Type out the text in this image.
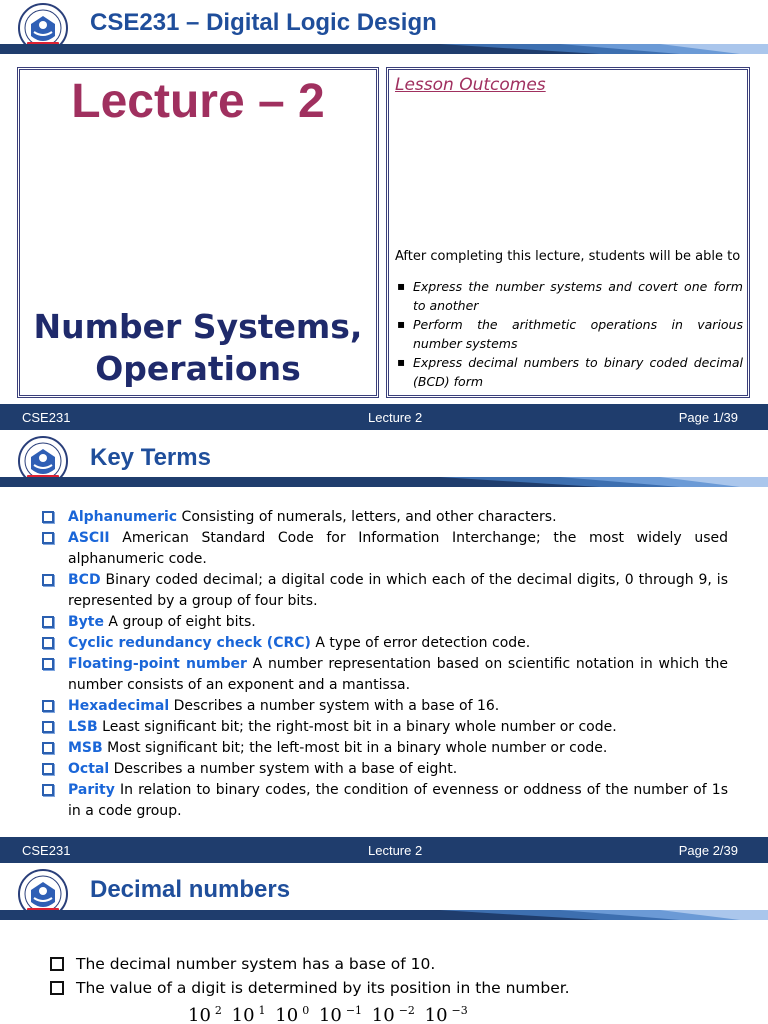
CSE231 – Digital Logic Design
Lecture – 2
Number Systems,
Operations
Lesson Outcomes
After completing this lecture, students will be able to
▪ Express the number systems and covert one form to another
▪ Perform the arithmetic operations in various number systems
▪ Express decimal numbers to binary coded decimal (BCD) form
CSE231	Lecture 2	Page 1/39
Key Terms
Alphanumeric Consisting of numerals, letters, and other characters.
ASCII American Standard Code for Information Interchange; the most widely used alphanumeric code.
BCD Binary coded decimal; a digital code in which each of the decimal digits, 0 through 9, is represented by a group of four bits.
Byte A group of eight bits.
Cyclic redundancy check (CRC) A type of error detection code.
Floating-point number A number representation based on scientific notation in which the number consists of an exponent and a mantissa.
Hexadecimal Describes a number system with a base of 16.
LSB Least significant bit; the right-most bit in a binary whole number or code.
MSB Most significant bit; the left-most bit in a binary whole number or code.
Octal Describes a number system with a base of eight.
Parity In relation to binary codes, the condition of evenness or oddness of the number of 1s in a code group.
CSE231	Lecture 2	Page 2/39
Decimal numbers
The decimal number system has a base of 10.
The value of a digit is determined by its position in the number.
10 $^2$ 10 $^1$ 10 $^0$ 10 $^{-1}$ 10 $^{-2}$ 10 $^{-3}$
